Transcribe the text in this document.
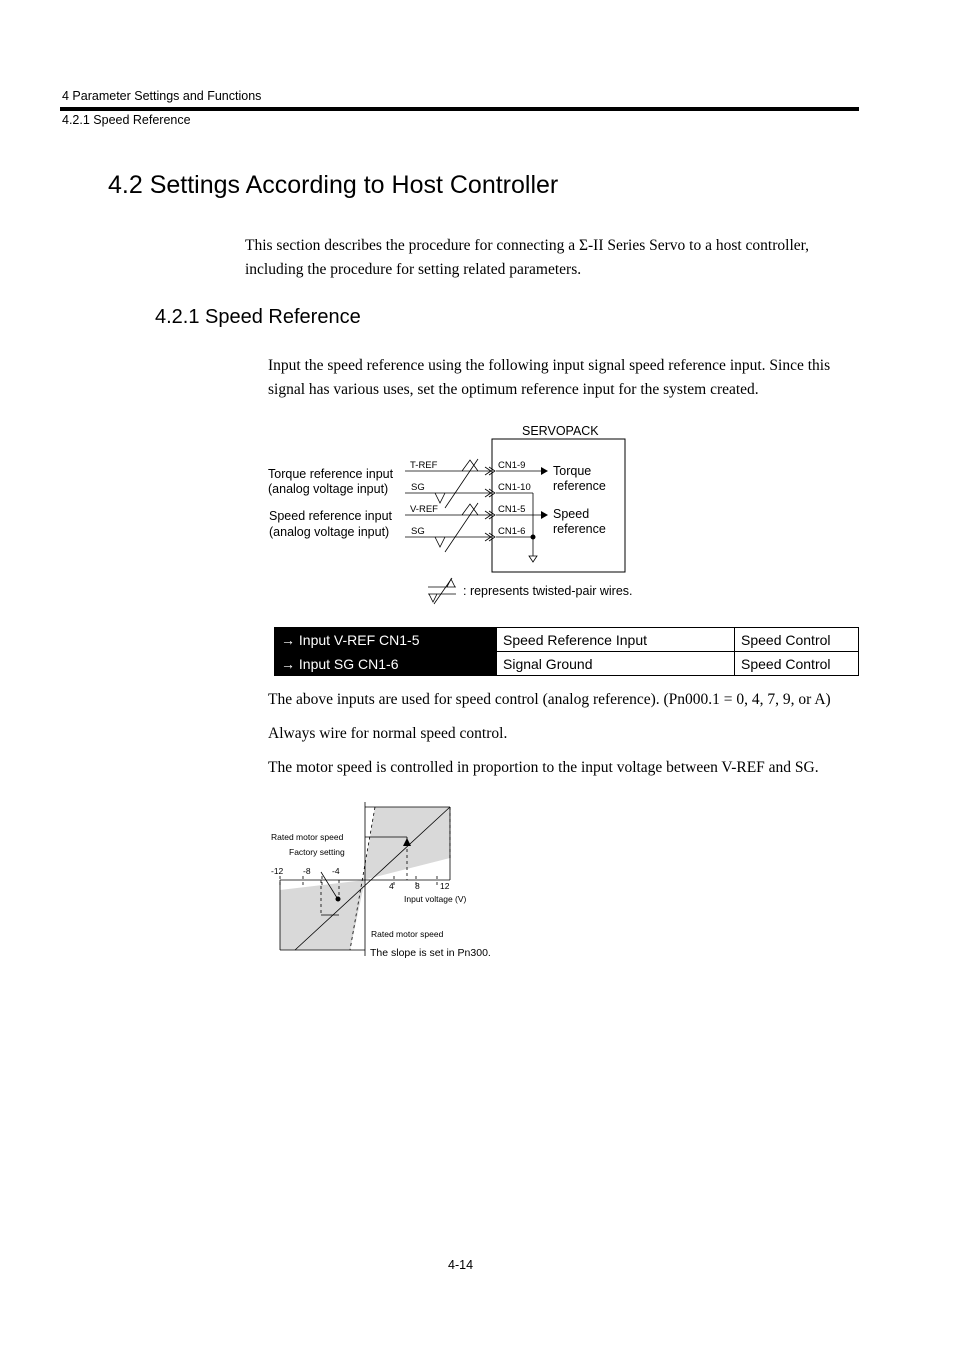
4 Parameter Settings and Functions
4.2.1 Speed Reference
4.2 Settings According to Host Controller
This section describes the procedure for connecting a Σ-II Series Servo to a host controller, including the procedure for setting related parameters.
4.2.1 Speed Reference
Input the speed reference using the following input signal speed reference input. Since this signal has various uses, set the optimum reference input for the system created.
SERVOPACK
Torque reference input
(analog voltage input)
Speed reference input
(analog voltage input)
T-REF
SG
V-REF
SG
CN1-9
CN1-10
CN1-5
CN1-6
Torque
reference
Speed
reference
: represents twisted-pair wires.
→ Input V-REF CN1-5	Speed Reference Input	Speed Control
→ Input SG CN1-6	Signal Ground	Speed Control
The above inputs are used for speed control (analog reference). (Pn000.1 = 0, 4, 7, 9, or A)
Always wire for normal speed control.
The motor speed is controlled in proportion to the input voltage between V-REF and SG.
Rated motor speed
Factory setting
-12 -8	-4
4	8 12
Input voltage (V)
Rated motor speed
The slope is set in Pn300.
4-14
